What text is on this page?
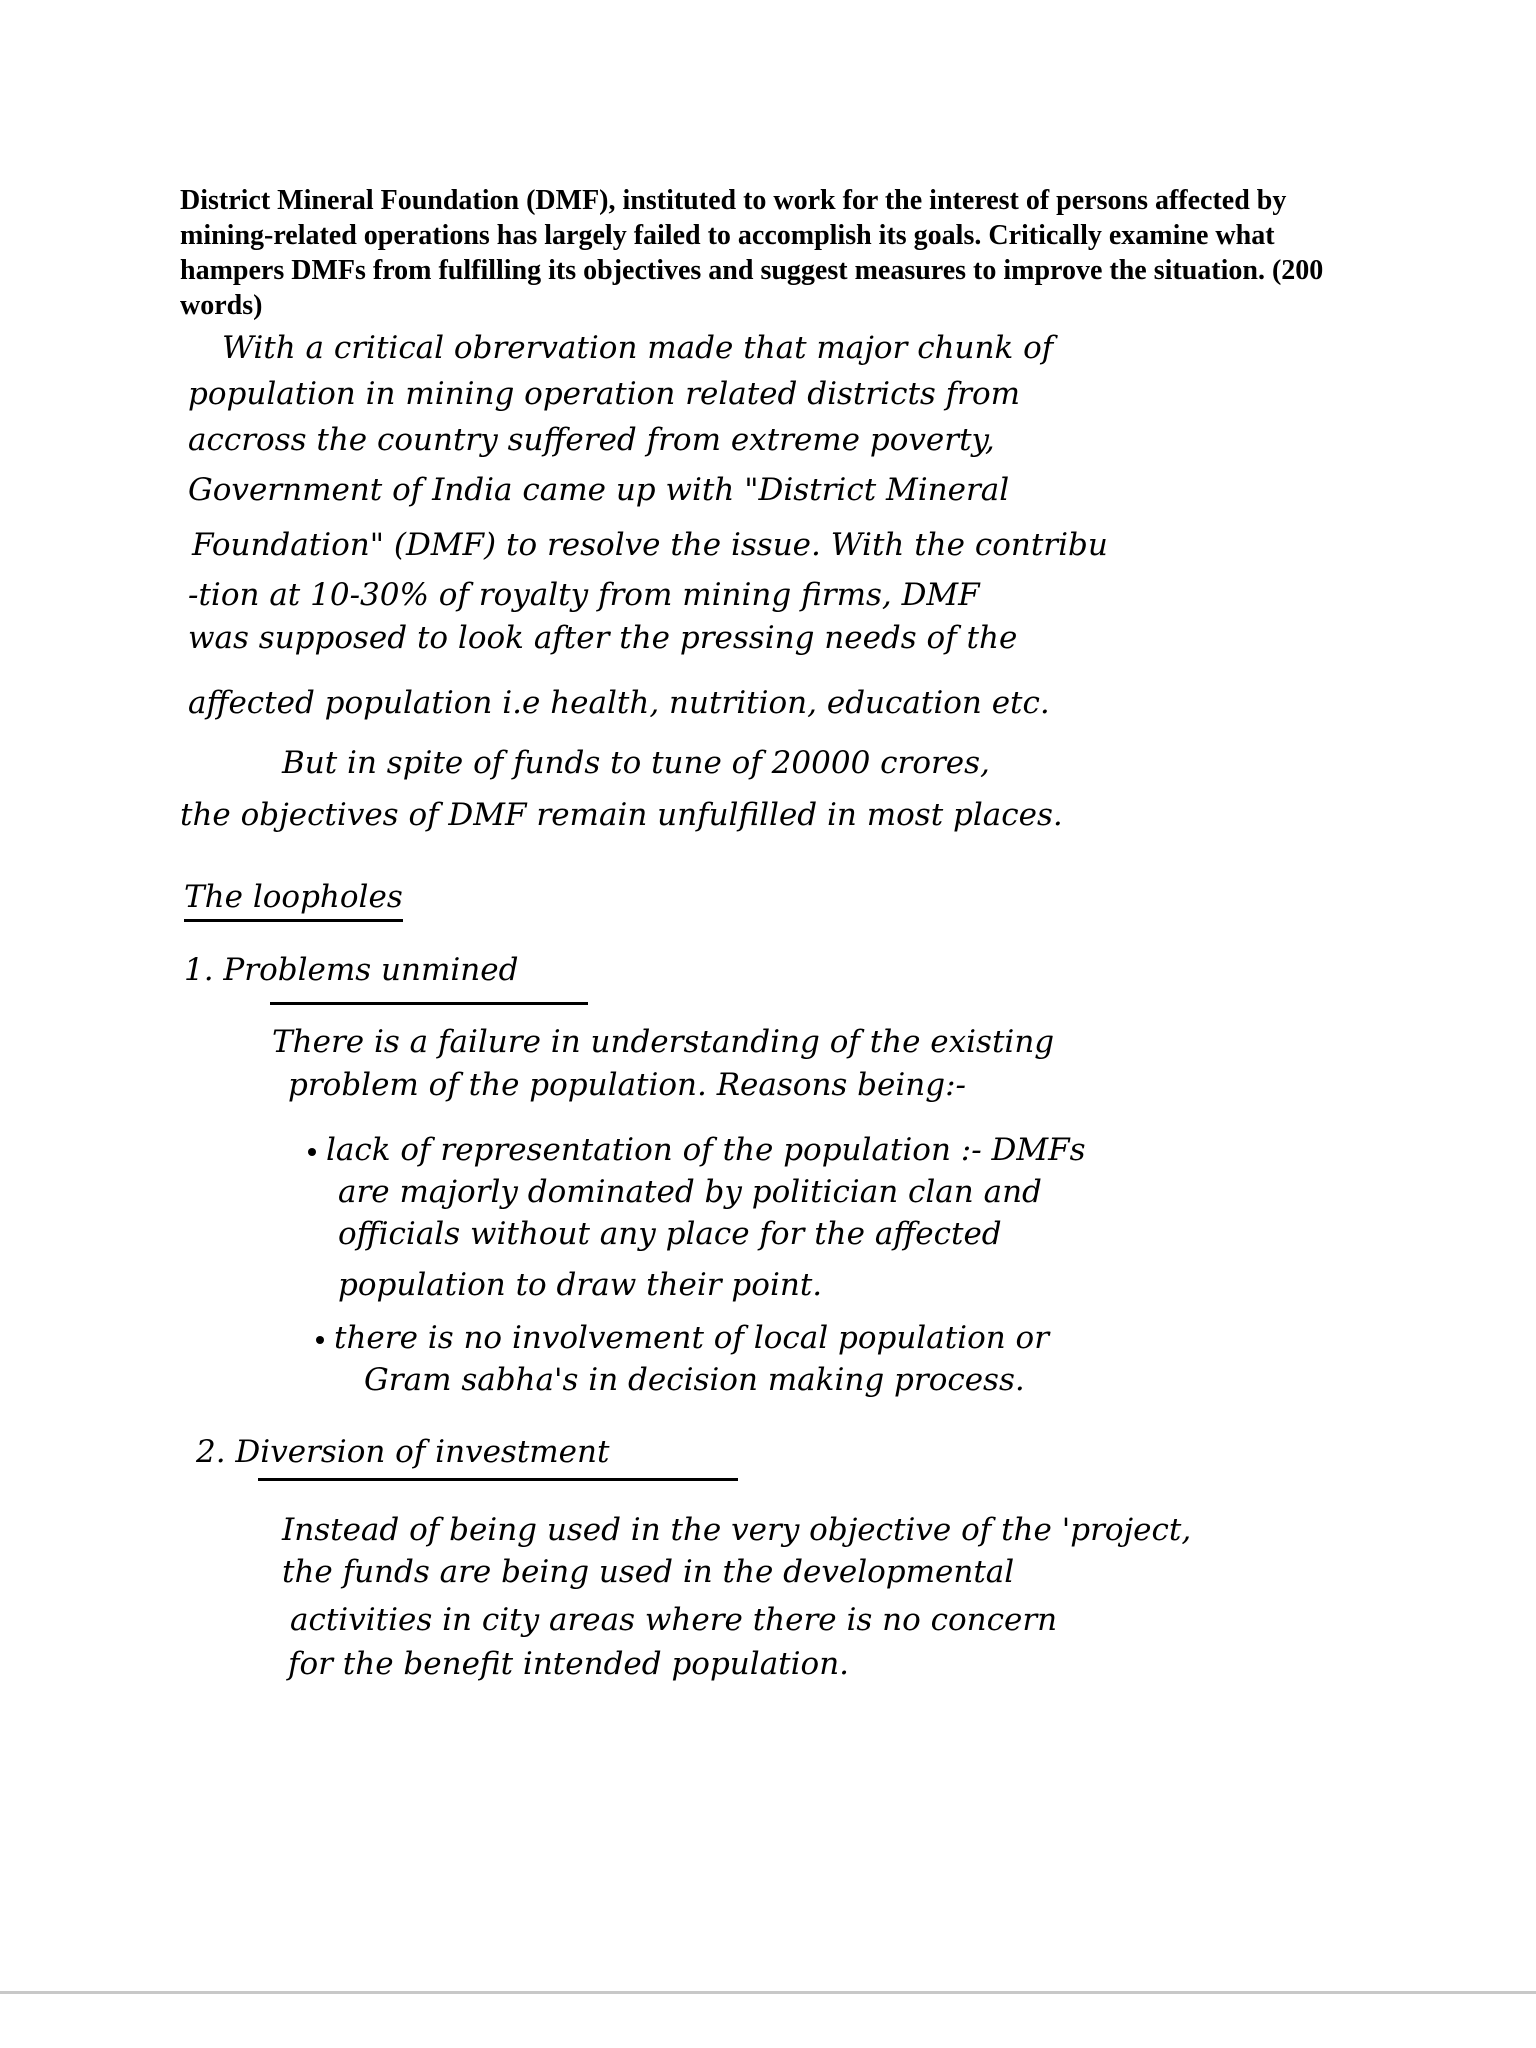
District Mineral Foundation (DMF), instituted to work for the interest of persons affected by mining-related operations has largely failed to accomplish its goals. Critically examine what hampers DMFs from fulfilling its objectives and suggest measures to improve the situation. (200 words)
With a critical obrervation made that major chunk of
population in mining operation related districts from
accross the country suffered from extreme poverty,
Government of India came up with "District Mineral
Foundation" (DMF) to resolve the issue. With the contribu
-tion at 10-30% of royalty from mining firms, DMF
was supposed to look after the pressing needs of the
affected population i.e health, nutrition, education etc.
But in spite of funds to tune of 20000 crores,
the objectives of DMF remain unfulfilled in most places.
The loopholes
1. Problems unmined
There is a failure in understanding of the existing
problem of the population. Reasons being:-
lack of representation of the population :- DMFs
are majorly dominated by politician clan and
officials without any place for the affected
population to draw their point.
there is no involvement of local population or
Gram sabha's in decision making process.
2. Diversion of investment
Instead of being used in the very objective of the 'project,
the funds are being used in the developmental
activities in city areas where there is no concern
for the benefit intended population.
